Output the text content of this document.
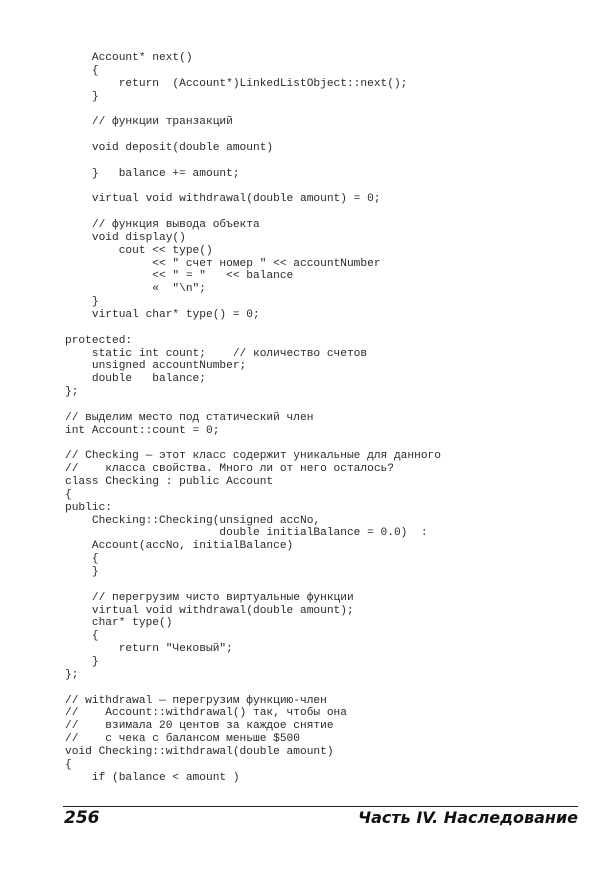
Account* next()
{
return  (Account*)LinkedListObject::next();
}
// функции транзакций
void deposit(double amount)
}   balance += amount;
virtual void withdrawal(double amount) = 0;
// функция вывода объекта
void display()
cout << type()
<< " счет номер " << accountNumber
<< " = "   << balance
«  "\n";
}
virtual char* type() = 0;
protected:
static int count;    // количество счетов
unsigned accountNumber;
double   balance;
};
// выделим место под статический член
int Account::count = 0;
// Checking — этот класс содержит уникальные для данного
//    класса свойства. Много ли от него осталось?
class Checking : public Account
{
public:
Checking::Checking(unsigned accNo,
double initialBalance = 0.0)  :
Account(accNo, initialBalance)
{
}
// перегрузим чисто виртуальные функции
virtual void withdrawal(double amount);
char* type()
{
return "Чековый";
}
};
// withdrawal — перегрузим функцию-член
//    Account::withdrawal() так, чтобы она
//    взимала 20 центов за каждое снятие
//    с чека с балансом меньше $500
void Checking::withdrawal(double amount)
{
if (balance < amount )
256	Часть IV. Наследование
